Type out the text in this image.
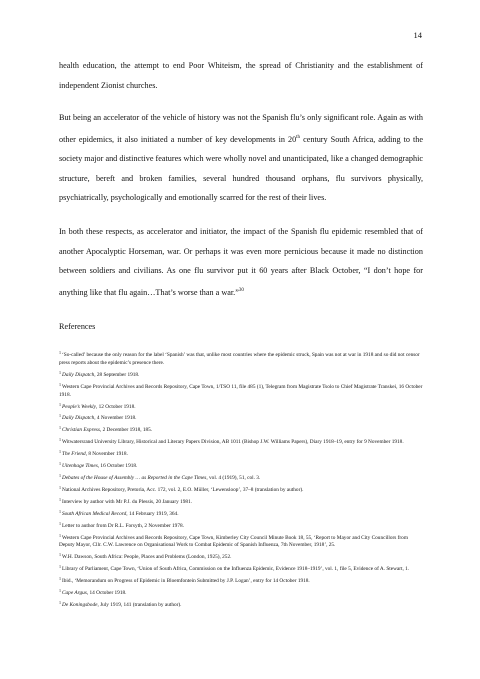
14

health education, the attempt to end Poor Whiteism, the spread of Christianity and the establishment of independent Zionist churches.

But being an accelerator of the vehicle of history was not the Spanish flu’s only significant role. Again as with other epidemics, it also initiated a number of key developments in 20th century South Africa, adding to the society major and distinctive features which were wholly novel and unanticipated, like a changed demographic structure, bereft and broken families, several hundred thousand orphans, flu survivors physically, psychiatrically, psychologically and emotionally scarred for the rest of their lives.

In both these respects, as accelerator and initiator, the impact of the Spanish flu epidemic resembled that of another Apocalyptic Horseman, war. Or perhaps it was even more pernicious because it made no distinction between soldiers and civilians. As one flu survivor put it 60 years after Black October, “I don’t hope for anything like that flu again…That’s worse than a war.”$^{30}$

References

$^1$ ‘So-called’ because the only reason for the label ‘Spanish’ was that, unlike most countries where the epidemic struck, Spain was not at war in 1918 and so did not censor press reports about the epidemic’s presence there.

$^1$ Daily Dispatch, 28 September 1918.

$^1$ Western Cape Provincial Archives and Records Repository, Cape Town, 1/TSO 11, file 485 (1), Telegram from Magistrate Tsolo to Chief Magistrate Transkei, 16 October 1918.

$^1$ People’s Weekly, 12 October 1918.

$^1$ Daily Dispatch, 4 November 1918.

$^1$ Christian Express, 2 December 1918, 185.

$^1$ Witwatersrand University Library, Historical and Literary Papers Division, AB 1011 (Bishop J.W. Williams Papers), Diary 1918–19, entry for 9 November 1918.

$^1$ The Friend, 8 November 1918.

$^1$ Uitenhage Times, 16 October 1918.

$^1$ Debates of the House of Assembly … as Reported in the Cape Times, vol. 4 (1919), 51, col. 3.

$^1$ National Archives Repository, Pretoria, Acc. 172, vol. 2, E.O. Müller, ‘Lewensloop’, 37–8 (translation by author).

$^1$ Interview by author with Mr P.J. du Plessis, 20 January 1981.

$^1$ South African Medical Record, 14 February 1919, 364.

$^1$ Letter to author from Dr R.L. Forsyth, 2 November 1978.

$^1$ Western Cape Provincial Archives and Records Repository, Cape Town, Kimberley City Council Minute Book 18, 55, ‘Report to Mayor and City Councillors from Deputy Mayor, Cllr. C.W. Lawrence on Organisational Work to Combat Epidemic of Spanish Influenza, 7th November, 1918’, 25.

$^1$ W.H. Dawson, South Africa: People, Places and Problems (London, 1925), 252.

$^1$ Library of Parliament, Cape Town, ‘Union of South Africa, Commission on the Influenza Epidemic, Evidence 1918–1919’, vol. 1, file 5, Evidence of A. Stewart, 1.

$^1$ Ibid., ‘Memorandum on Progress of Epidemic in Bloemfontein Submitted by J.P. Logan’, entry for 14 October 1918.

$^1$ Cape Argus, 14 October 1918.

$^1$ De Koningsbode, July 1919, 141 (translation by author).
